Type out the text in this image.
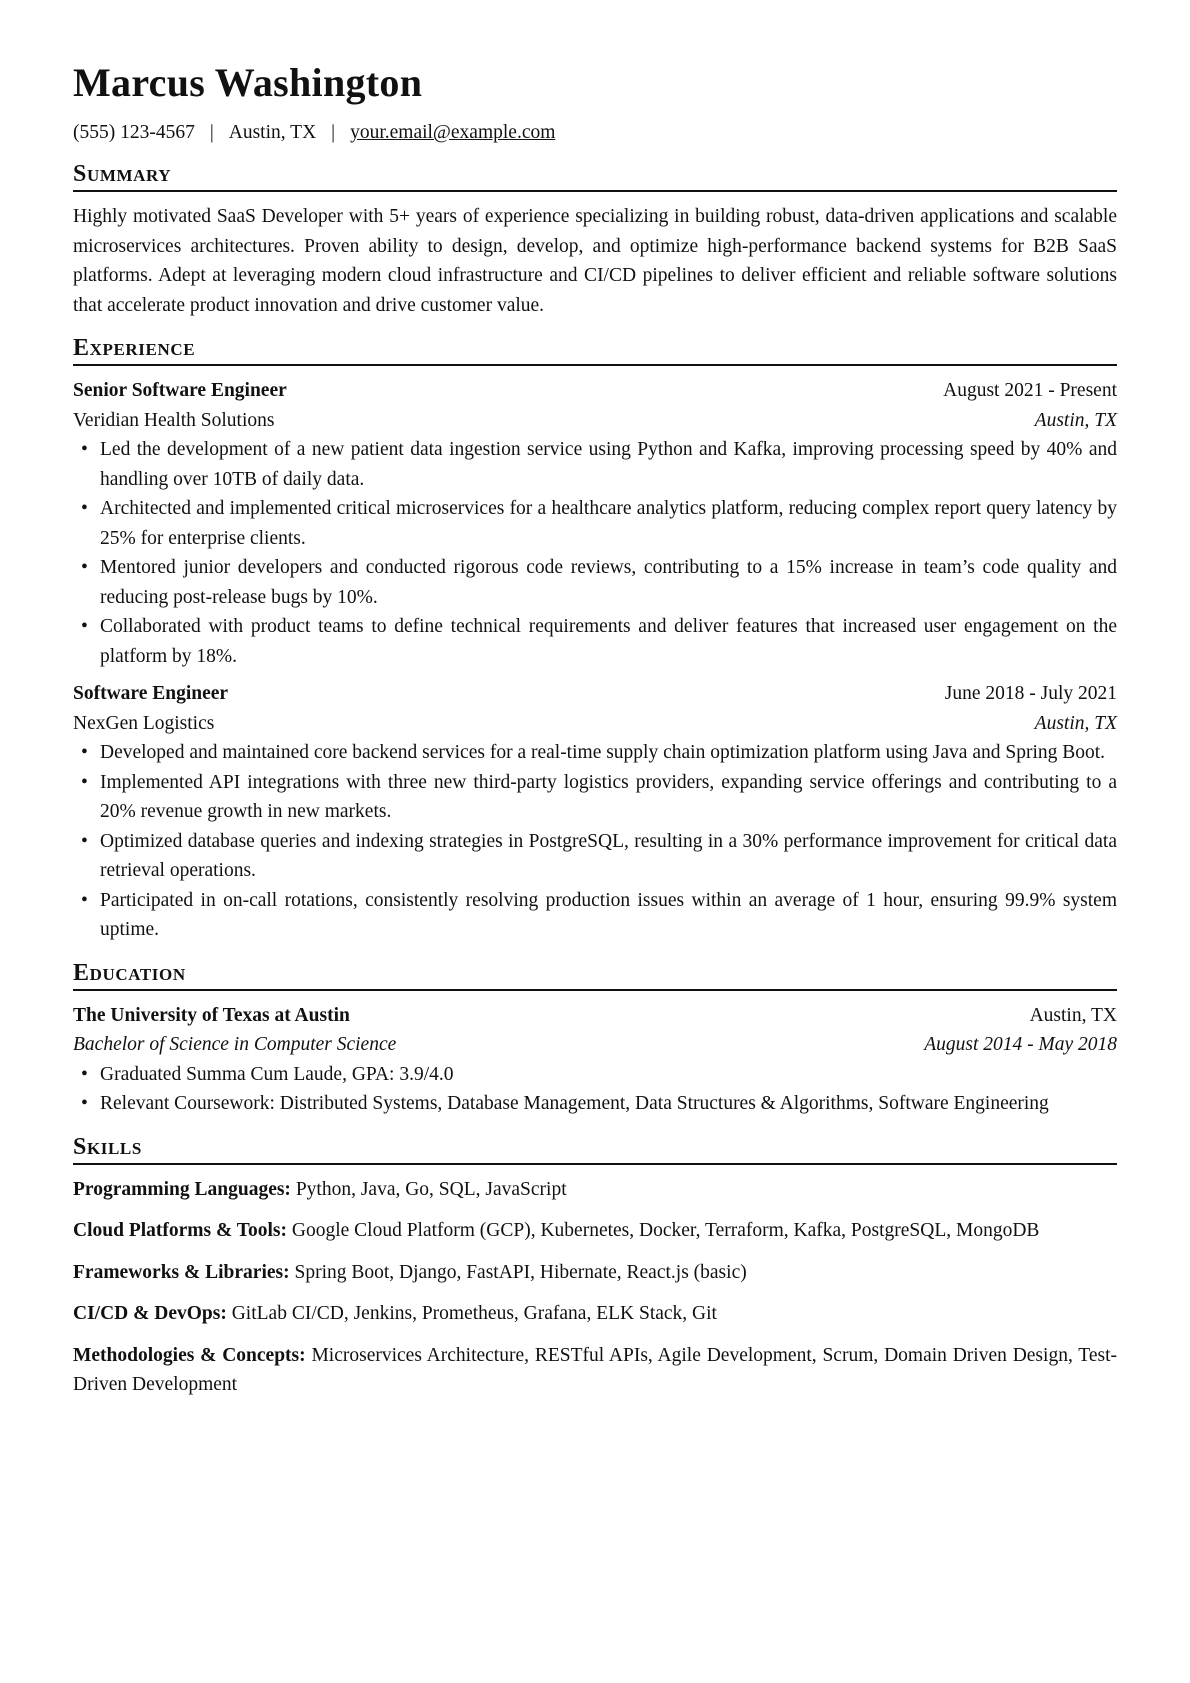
Marcus Washington
(555) 123-4567 | Austin, TX | your.email@example.com
Summary

Highly motivated SaaS Developer with 5+ years of experience specializing in building robust, data-driven applications and scalable microservices architectures. Proven ability to design, develop, and optimize high-performance backend systems for B2B SaaS platforms. Adept at leveraging modern cloud infrastructure and CI/CD pipelines to deliver efficient and reliable software solutions that accelerate product innovation and drive customer value.

Experience
Senior Software Engineer	August 2021 - Present
Veridian Health Solutions	Austin, TX
• Led the development of a new patient data ingestion service using Python and Kafka, improving processing speed by 40% and handling over 10TB of daily data.
• Architected and implemented critical microservices for a healthcare analytics platform, reducing complex report query latency by 25% for enterprise clients.
• Mentored junior developers and conducted rigorous code reviews, contributing to a 15% increase in team’s code quality and reducing post-release bugs by 10%.
• Collaborated with product teams to define technical requirements and deliver features that increased user engagement on the platform by 18%.
Software Engineer	June 2018 - July 2021
NexGen Logistics	Austin, TX
• Developed and maintained core backend services for a real-time supply chain optimization platform using Java and Spring Boot.
• Implemented API integrations with three new third-party logistics providers, expanding service offerings and contributing to a 20% revenue growth in new markets.
• Optimized database queries and indexing strategies in PostgreSQL, resulting in a 30% performance improvement for critical data retrieval operations.
• Participated in on-call rotations, consistently resolving production issues within an average of 1 hour, ensuring 99.9% system uptime.
Education
The University of Texas at Austin	Austin, TX
Bachelor of Science in Computer Science	August 2014 - May 2018
• Graduated Summa Cum Laude, GPA: 3.9/4.0
• Relevant Coursework: Distributed Systems, Database Management, Data Structures & Algorithms, Software Engineering
Skills
Programming Languages: Python, Java, Go, SQL, JavaScript
Cloud Platforms & Tools: Google Cloud Platform (GCP), Kubernetes, Docker, Terraform, Kafka, PostgreSQL, MongoDB
Frameworks & Libraries: Spring Boot, Django, FastAPI, Hibernate, React.js (basic)
CI/CD & DevOps: GitLab CI/CD, Jenkins, Prometheus, Grafana, ELK Stack, Git
Methodologies & Concepts: Microservices Architecture, RESTful APIs, Agile Development, Scrum, Domain Driven Design, Test-Driven Development
